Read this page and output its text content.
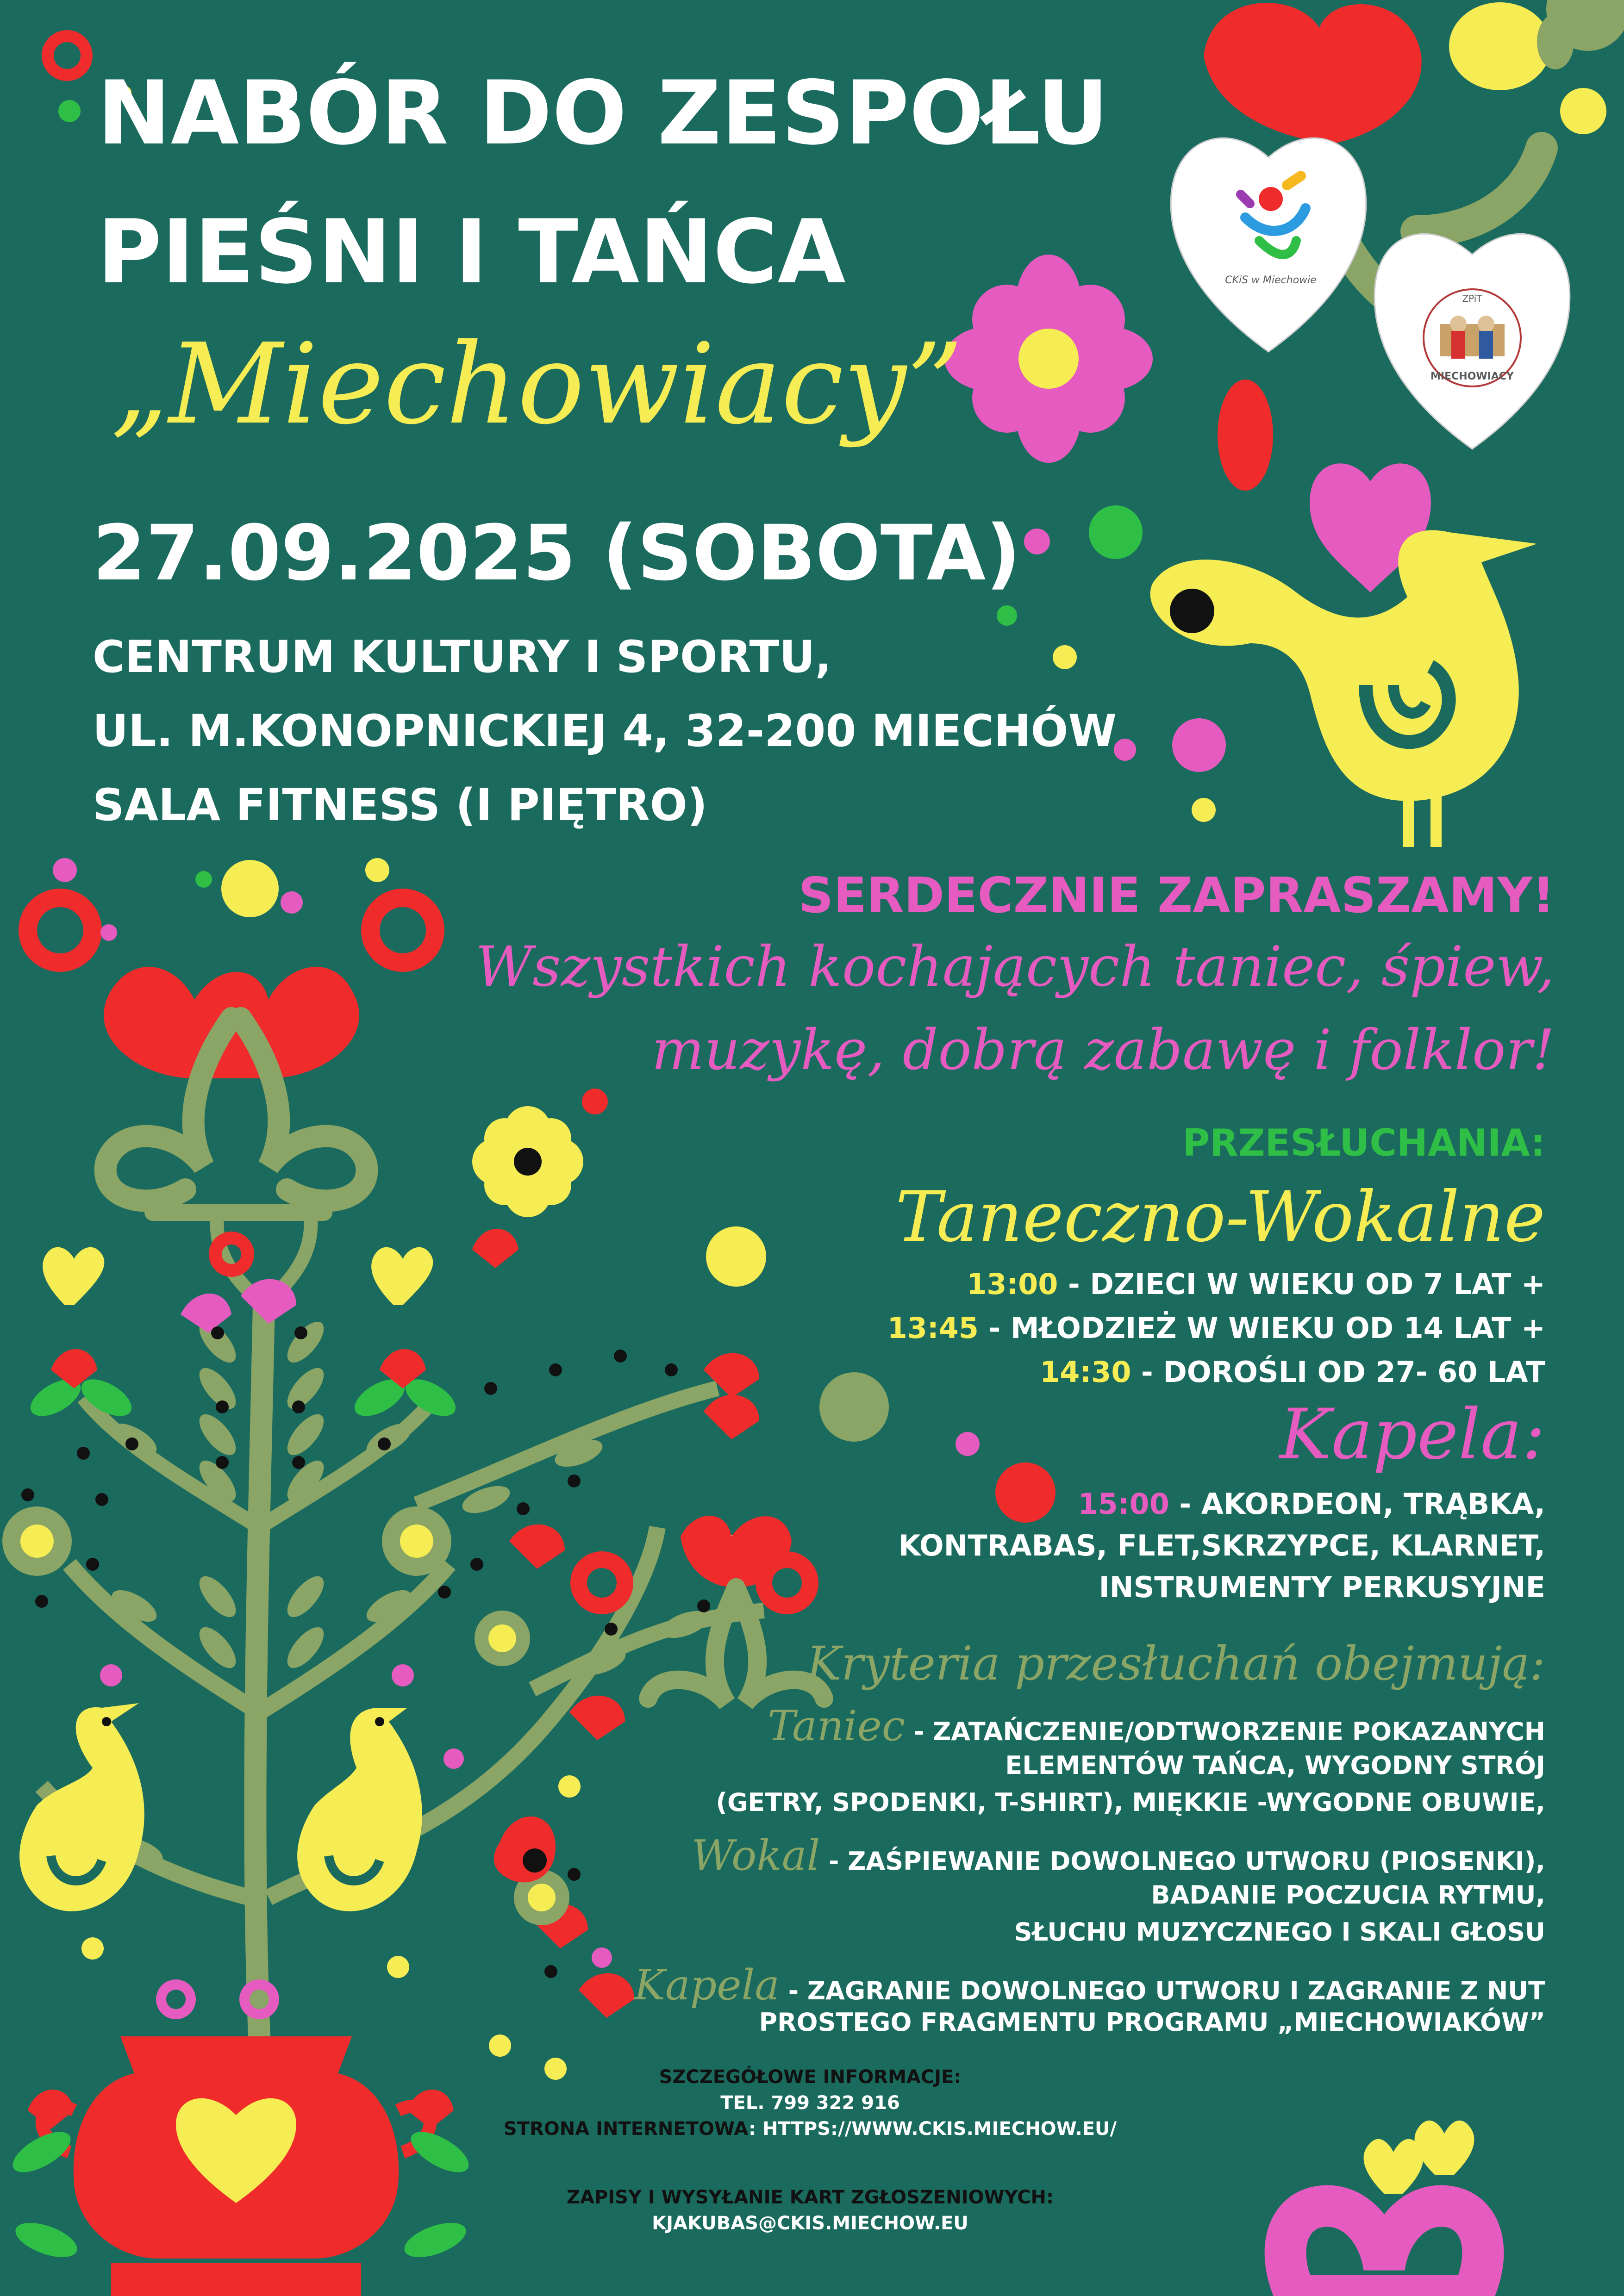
CKiS w Miechowie
ZPiT
MIECHOWIACY
NABÓR DO ZESPOŁU
PIEŚNI I TAŃCA
„Miechowiacy”
27.09.2025 (SOBOTA)
CENTRUM KULTURY I SPORTU,
UL. M.KONOPNICKIEJ 4, 32-200 MIECHÓW
SALA FITNESS (I PIĘTRO)
SERDECZNIE ZAPRASZAMY!
Wszystkich kochających taniec, śpiew,
muzykę, dobrą zabawę i folklor!
PRZESŁUCHANIA:
Taneczno-Wokalne
13:00 - DZIECI W WIEKU OD 7 LAT +
13:45 - MŁODZIEŻ W WIEKU OD 14 LAT +
14:30 - DOROŚLI OD 27- 60 LAT
Kapela:
15:00 - AKORDEON, TRĄBKA,
KONTRABAS, FLET,SKRZYPCE, KLARNET,
INSTRUMENTY PERKUSYJNE
Kryteria przesłuchań obejmują:
Taniec - ZATAŃCZENIE/ODTWORZENIE POKAZANYCH
ELEMENTÓW TAŃCA, WYGODNY STRÓJ
(GETRY, SPODENKI, T-SHIRT), MIĘKKIE -WYGODNE OBUWIE,
Wokal - ZAŚPIEWANIE DOWOLNEGO UTWORU (PIOSENKI),
BADANIE POCZUCIA RYTMU,
SŁUCHU MUZYCZNEGO I SKALI GŁOSU
Kapela - ZAGRANIE DOWOLNEGO UTWORU I ZAGRANIE Z NUT
PROSTEGO FRAGMENTU PROGRAMU „MIECHOWIAKÓW”
SZCZEGÓŁOWE INFORMACJE:
TEL. 799 322 916
STRONA INTERNETOWA: HTTPS://WWW.CKIS.MIECHOW.EU/
ZAPISY I WYSYŁANIE KART ZGŁOSZENIOWYCH:
KJAKUBAS@CKIS.MIECHOW.EU
